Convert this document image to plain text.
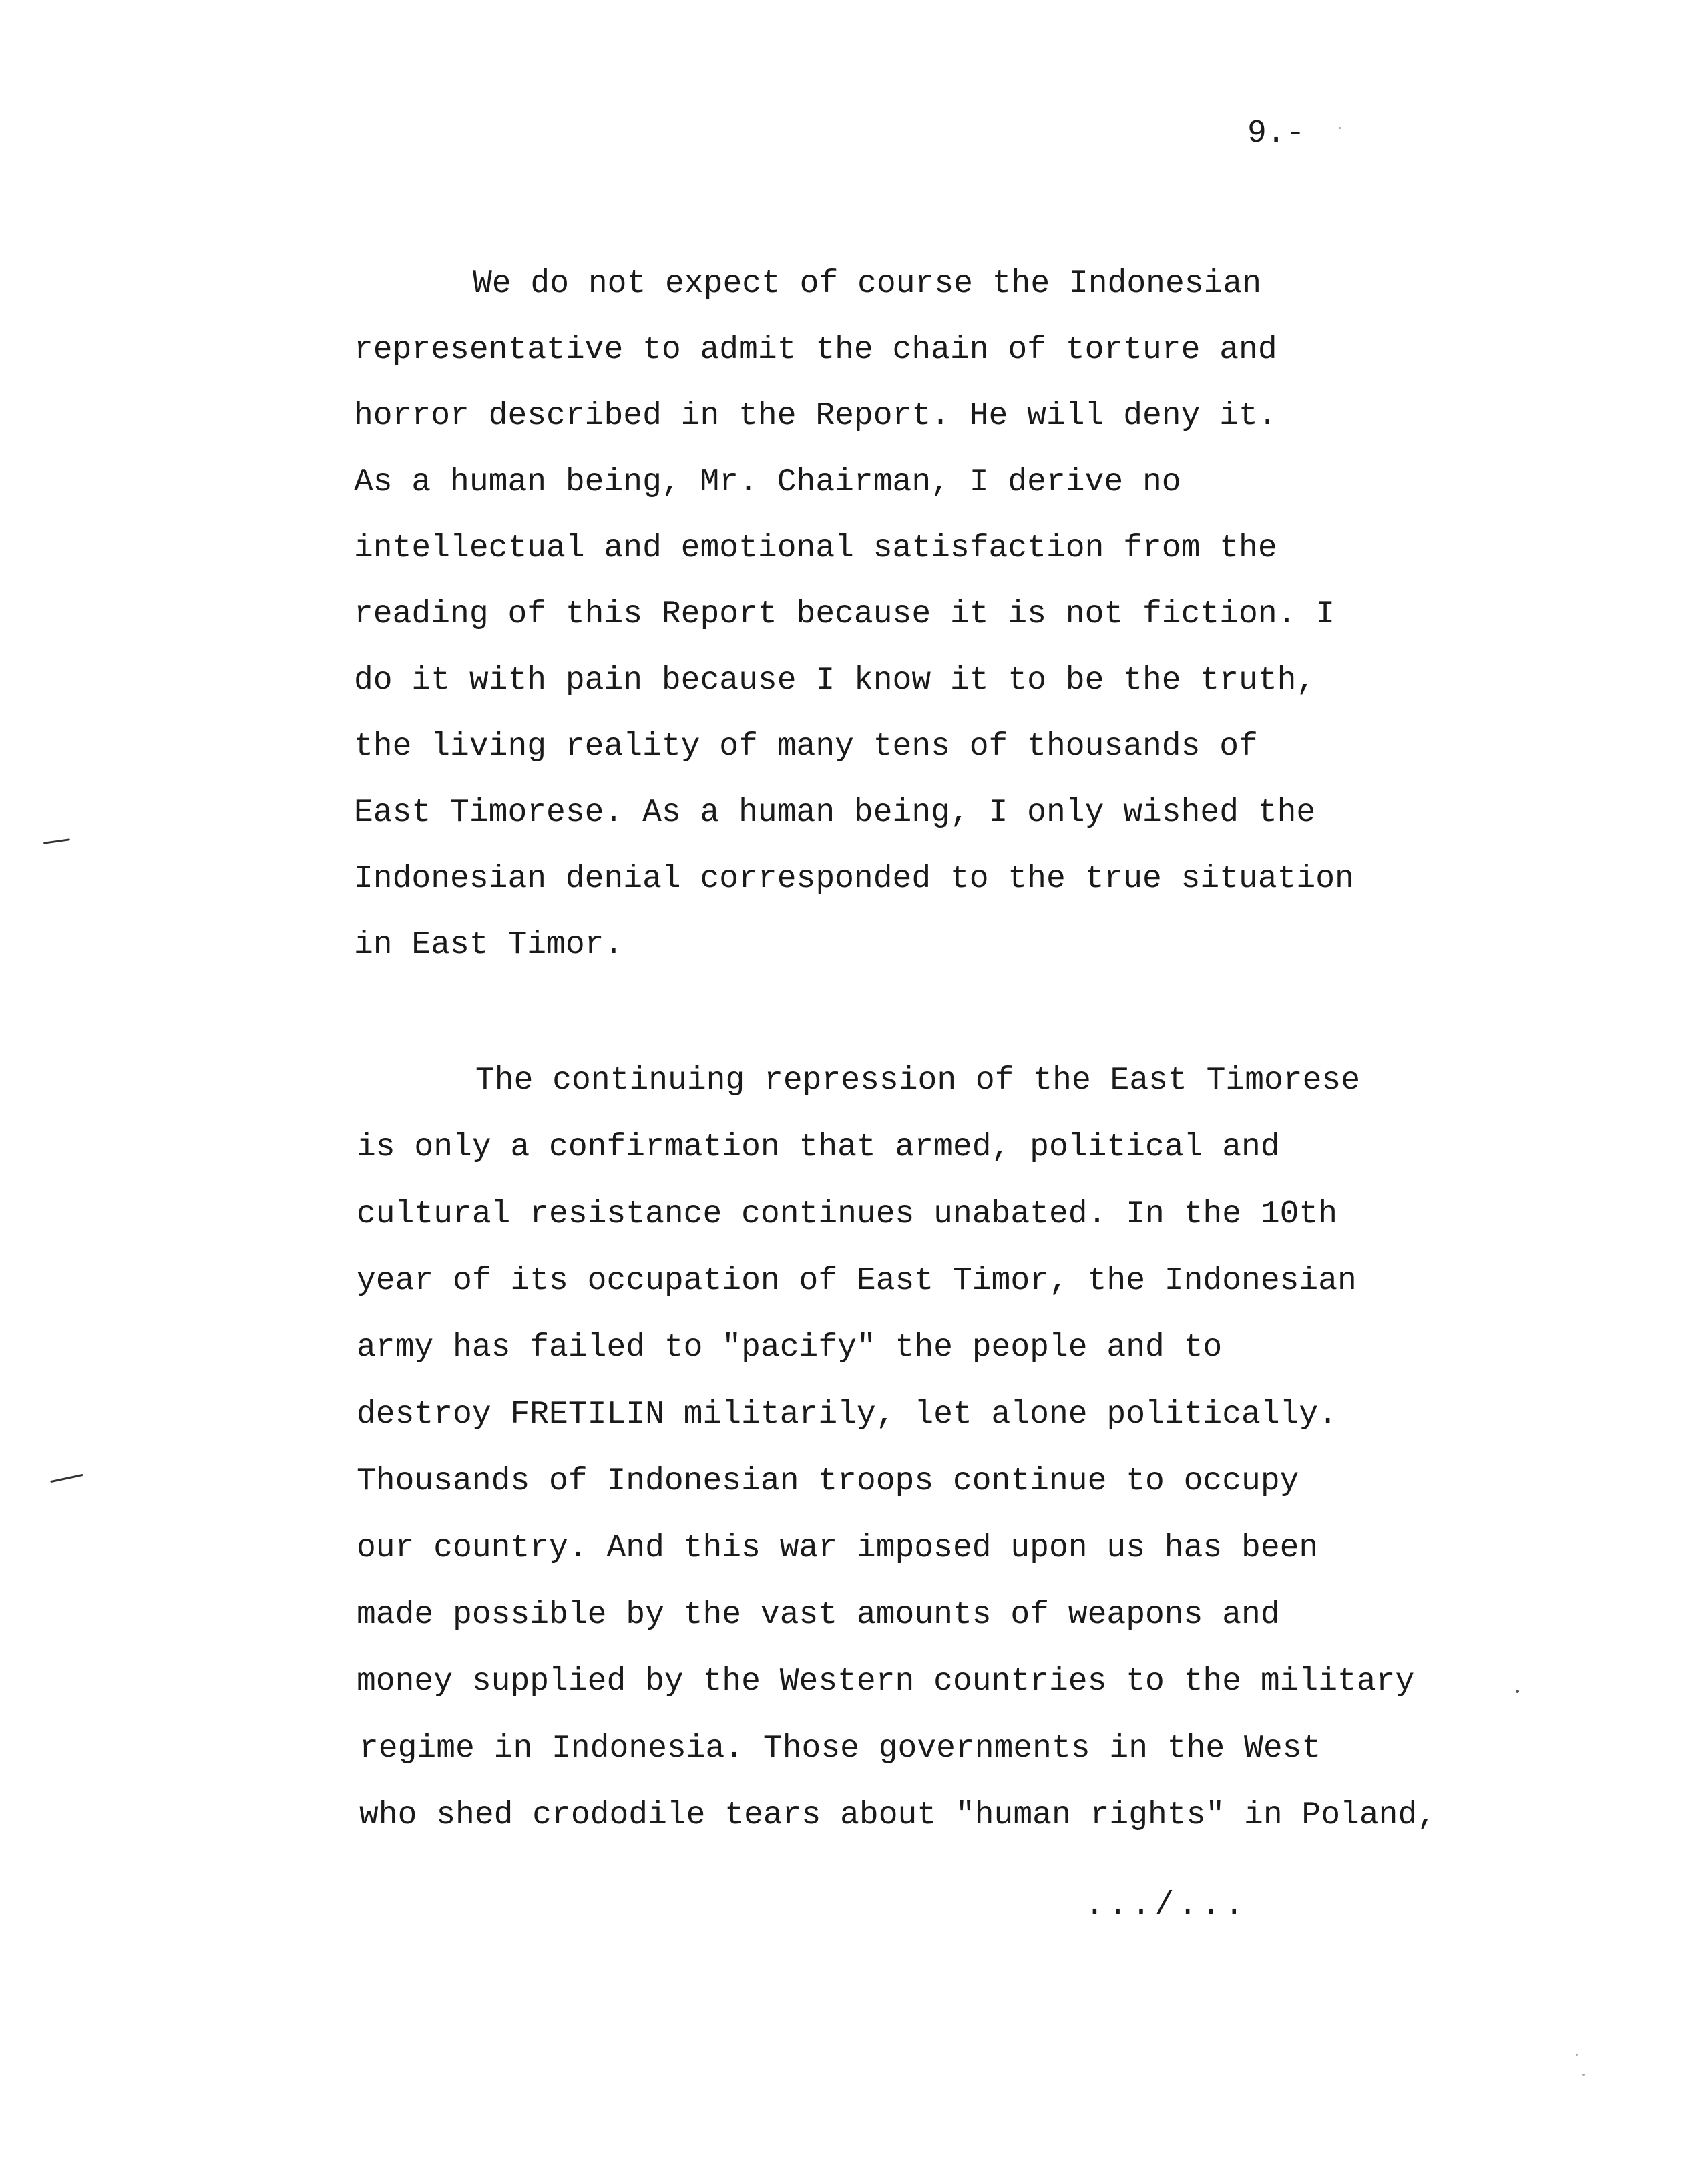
9.-
We do not expect of course the Indonesian
representative to admit the chain of torture and
horror described in the Report. He will deny it.
As a human being, Mr. Chairman, I derive no
intellectual and emotional satisfaction from the
reading of this Report because it is not fiction. I
do it with pain because I know it to be the truth,
the living reality of many tens of thousands of
East Timorese. As a human being, I only wished the
Indonesian denial corresponded to the true situation
in East Timor.
The continuing repression of the East Timorese
is only a confirmation that armed, political and
cultural resistance continues unabated. In the 10th
year of its occupation of East Timor, the Indonesian
army has failed to "pacify" the people and to
destroy FRETILIN militarily, let alone politically.
Thousands of Indonesian troops continue to occupy
our country. And this war imposed upon us has been
made possible by the vast amounts of weapons and
money supplied by the Western countries to the military
regime in Indonesia. Those governments in the West
who shed crododile tears about "human rights" in Poland,
.../...
